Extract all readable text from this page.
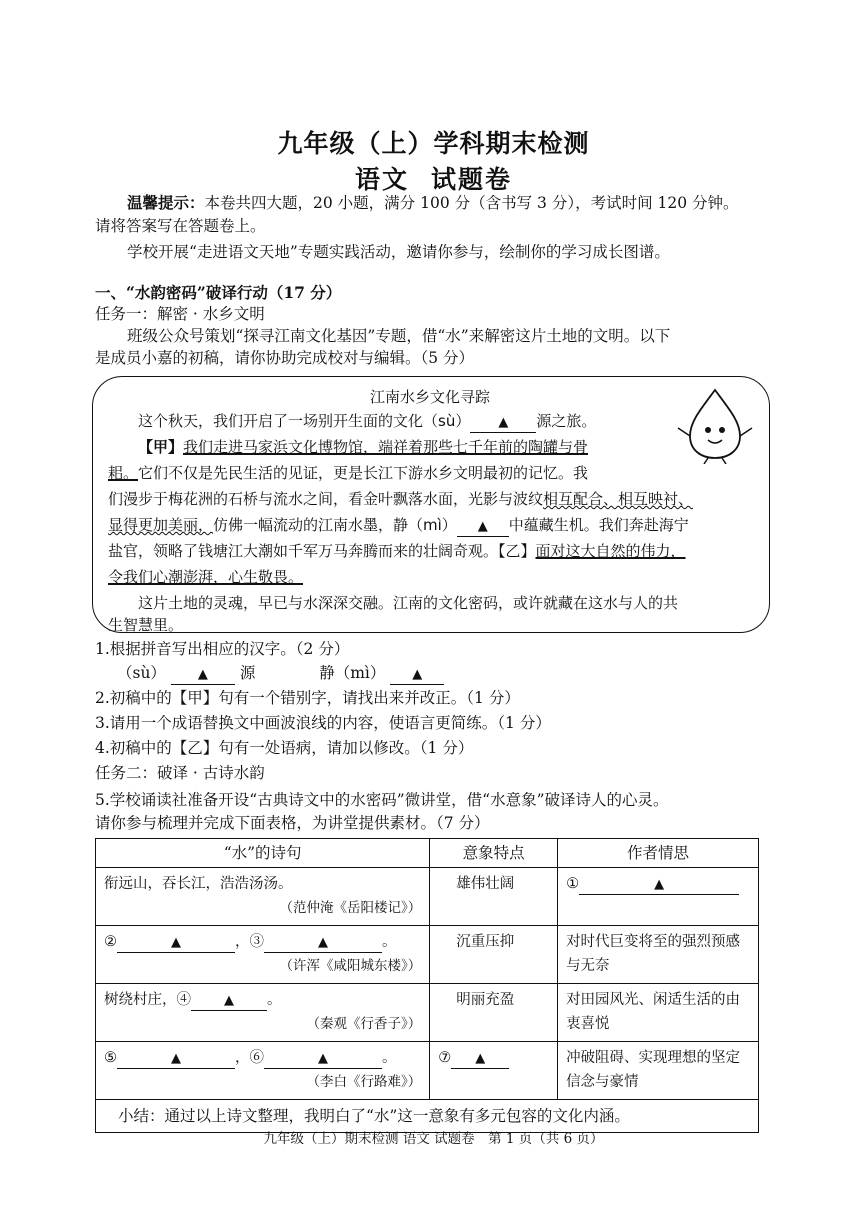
九年级（上）学科期末检测
语文 试题卷
温馨提示：本卷共四大题，20 小题，满分 100 分（含书写 3 分），考试时间 120 分钟。
请将答案写在答题卷上。
学校开展“走进语文天地”专题实践活动，邀请你参与，绘制你的学习成长图谱。
一、“水韵密码”破译行动（17 分）
任务一：解密 · 水乡文明
班级公众号策划“探寻江南文化基因”专题，借“水”来解密这片土地的文明。以下
是成员小嘉的初稿，请你协助完成校对与编辑。（5 分）
江南水乡文化寻踪
这个秋天，我们开启了一场别开生面的文化（sù） ▲ 源之旅。
【甲】我们走进马家浜文化博物馆，端祥着那些七千年前的陶罐与骨
耜。它们不仅是先民生活的见证，更是长江下游水乡文明最初的记忆。我
们漫步于梅花洲的石桥与流水之间，看金叶飘落水面，光影与波纹相互配合、相互映衬、
显得更加美丽，仿佛一幅流动的江南水墨，静（mì） ▲ 中蕴藏生机。我们奔赴海宁
盐官，领略了钱塘江大潮如千军万马奔腾而来的壮阔奇观。【乙】面对这大自然的伟力，
令我们心潮澎湃，心生敬畏。
这片土地的灵魂，早已与水深深交融。江南的文化密码，或许就藏在这水与人的共
生智慧里。
1.根据拼音写出相应的汉字。（2 分）
（sù） ▲ 源	静（mì） ▲
2.初稿中的【甲】句有一个错别字，请找出来并改正。（1 分）
3.请用一个成语替换文中画波浪线的内容，使语言更简练。（1 分）
4.初稿中的【乙】句有一处语病，请加以修改。（1 分）
任务二：破译 · 古诗水韵
5.学校诵读社准备开设“古典诗文中的水密码”微讲堂，借“水意象”破译诗人的心灵。
请你参与梳理并完成下面表格，为讲堂提供素材。（7 分）
“水”的诗句	意象特点	作者情思
衔远山，吞长江，浩浩汤汤。
（范仲淹《岳阳楼记》）	雄伟壮阔	① ▲
② ▲ ，③ ▲ 。
（许浑《咸阳城东楼》）	沉重压抑	对时代巨变将至的强烈预感与无奈
树绕村庄，④ ▲ 。
（秦观《行香子》）	明丽充盈	对田园风光、闲适生活的由衷喜悦
⑤ ▲ ，⑥ ▲ 。
（李白《行路难》）	⑦ ▲	冲破阻碍、实现理想的坚定信念与豪情
小结：通过以上诗文整理，我明白了“水”这一意象有多元包容的文化内涵。		
九年级（上）期末检测 语文 试题卷　第 1 页（共 6 页）
